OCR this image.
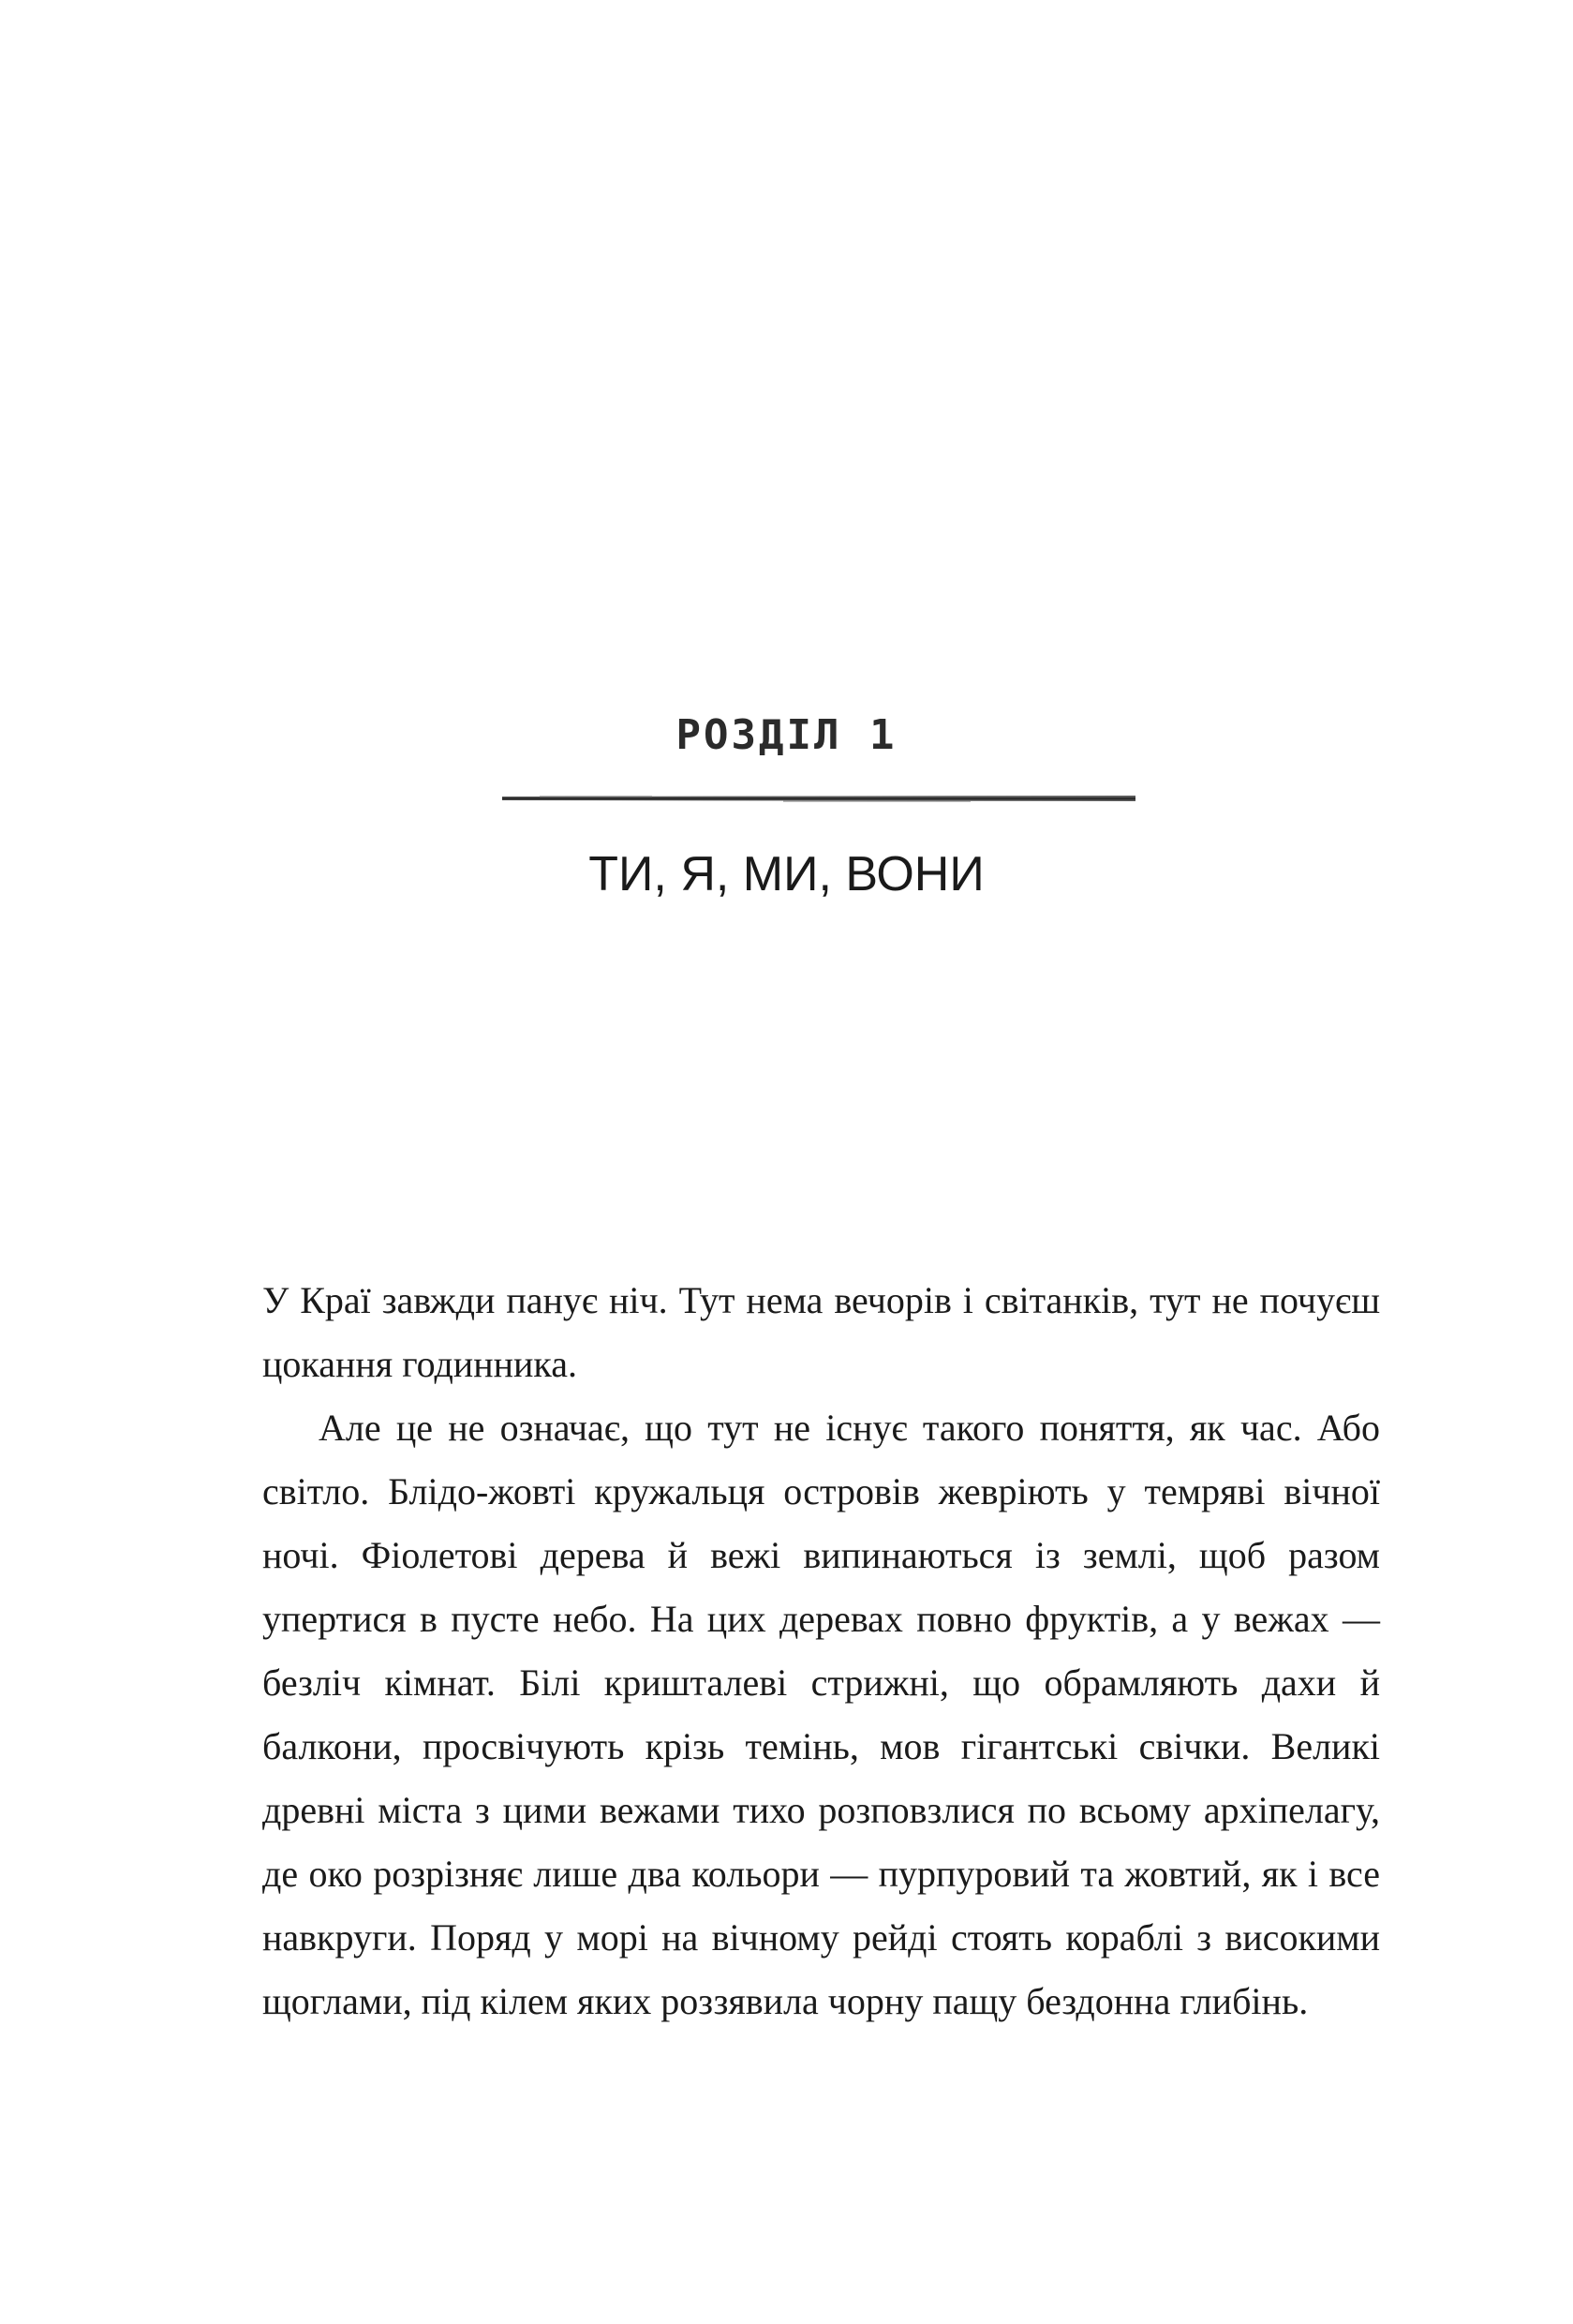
РОЗДІЛ 1
ТИ, Я, МИ, ВОНИ

У Краї завжди панує ніч. Тут нема вечорів і світанків, тут не почуєш цокання годинника.

Але це не означає, що тут не існує такого поняття, як час. Або світло. Блідо-жовті кружальця островів жевріють у темряві вічної ночі. Фіолетові дерева й вежі випинаються із землі, щоб разом упертися в пусте небо. На цих деревах повно фруктів, а у вежах — безліч кімнат. Білі кришталеві стрижні, що обрамляють дахи й балкони, просвічують крізь темінь, мов гігантські свічки. Великі древні міста з цими вежами тихо розповзлися по всьому архіпелагу, де око розрізняє лише два кольори — пурпуровий та жовтий, як і все навкруги. Поряд у морі на вічному рейді стоять кораблі з високими щоглами, під кілем яких роззявила чорну пащу бездонна глибінь.
